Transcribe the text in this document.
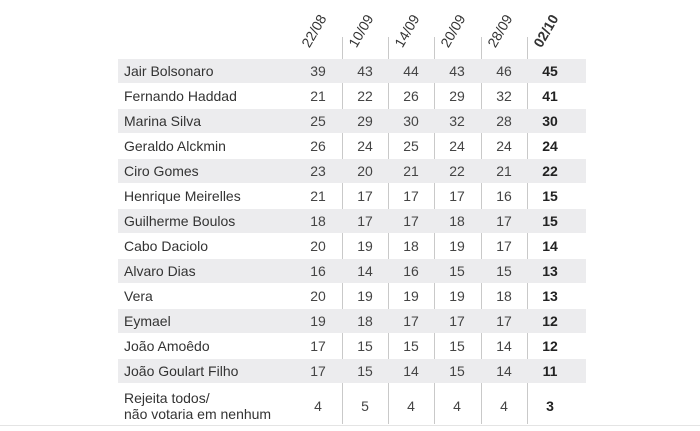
22/08 10/09 14/09 20/09 28/09 02/10
Jair Bolsonaro	39	43	44	43	46	45
Fernando Haddad	21	22	26	29	32	41
Marina Silva	25	29	30	32	28	30
Geraldo Alckmin	26	24	25	24	24	24
Ciro Gomes	23	20	21	22	21	22
Henrique Meirelles	21	17	17	17	16	15
Guilherme Boulos	18	17	17	18	17	15
Cabo Daciolo	20	19	18	19	17	14
Alvaro Dias	16	14	16	15	15	13
Vera	20	19	19	19	18	13
Eymael	19	18	17	17	17	12
João Amoêdo	17	15	15	15	14	12
João Goulart Filho	17	15	14	15	14	11
Rejeita todos/
não votaria em nenhum	4	5	4	4	4	3
